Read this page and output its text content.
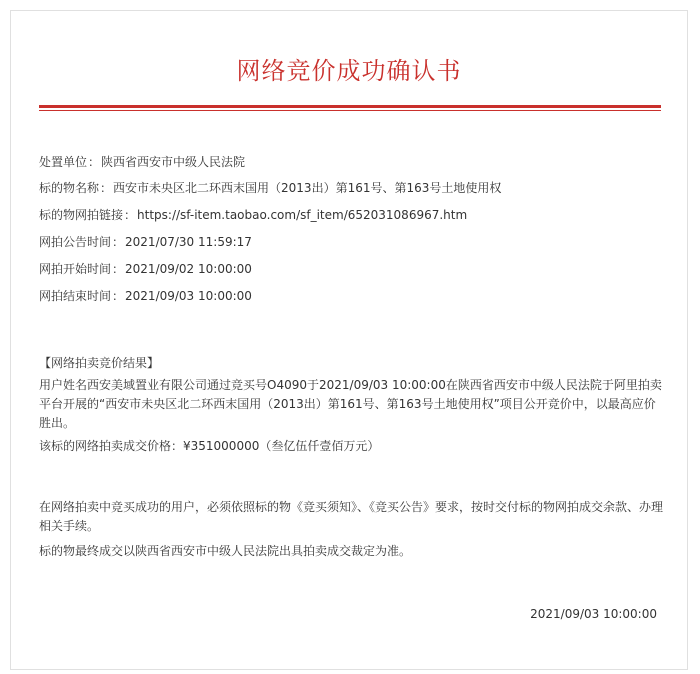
网络竞价成功确认书
处置单位：陕西省西安市中级人民法院
标的物名称：西安市未央区北二环西末国用（2013出）第161号、第163号土地使用权
标的物网拍链接：https://sf-item.taobao.com/sf_item/652031086967.htm
网拍公告时间：2021/07/30 11:59:17
网拍开始时间：2021/09/02 10:00:00
网拍结束时间：2021/09/03 10:00:00
【网络拍卖竞价结果】
用户姓名西安美域置业有限公司通过竞买号O4090于2021/09/03 10:00:00在陕西省西安市中级人民法院于阿里拍卖平台开展的“西安市未央区北二环西末国用（2013出）第161号、第163号土地使用权”项目公开竞价中，以最高应价胜出。
该标的网络拍卖成交价格：¥351000000（叁亿伍仟壹佰万元）
在网络拍卖中竞买成功的用户，必须依照标的物《竞买须知》、《竞买公告》要求，按时交付标的物网拍成交余款、办理相关手续。
标的物最终成交以陕西省西安市中级人民法院出具拍卖成交裁定为准。
2021/09/03 10:00:00
